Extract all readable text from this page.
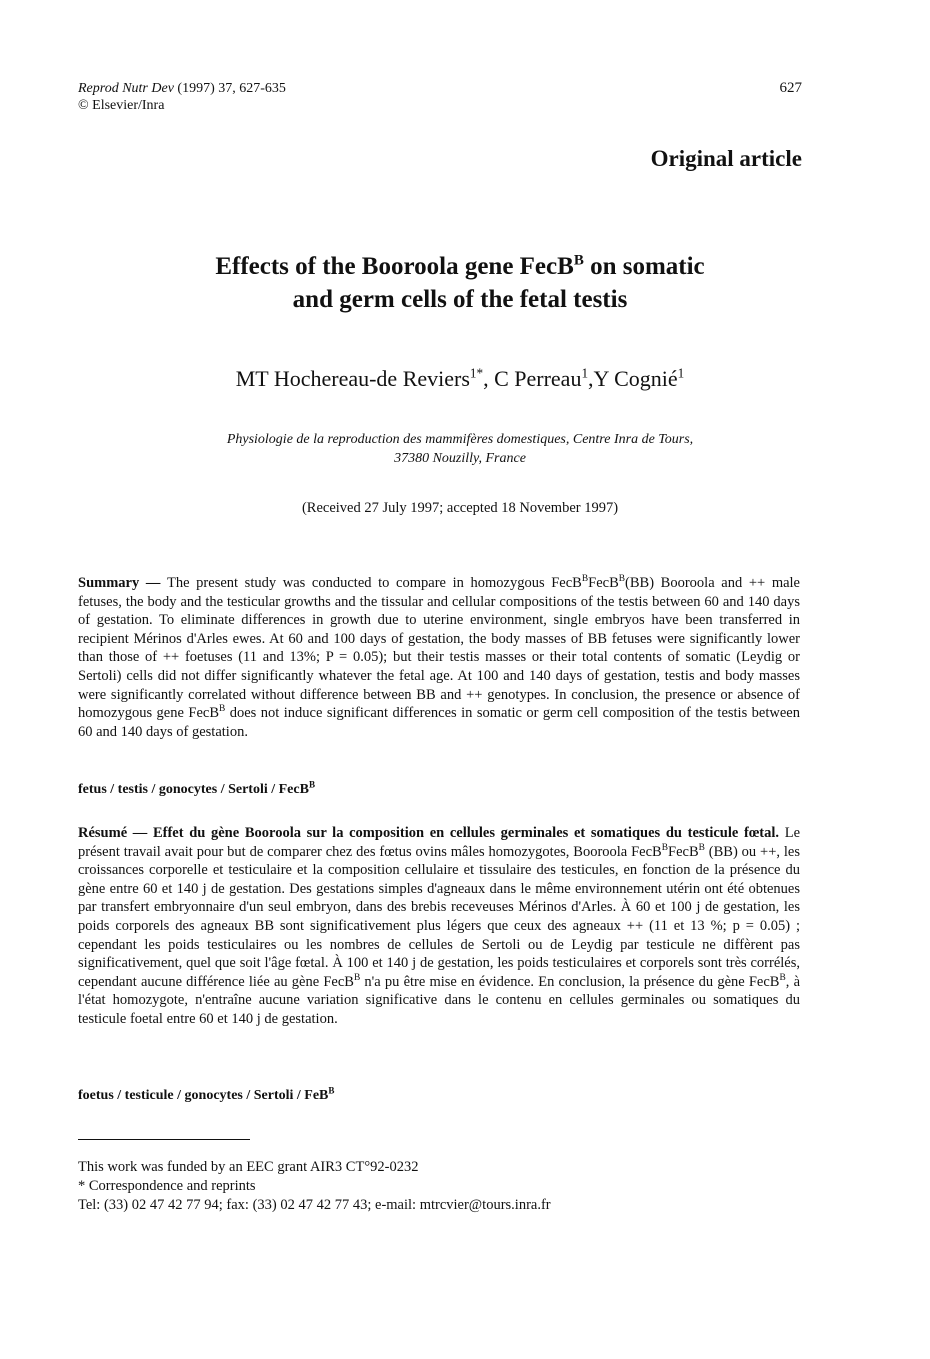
Reprod Nutr Dev (1997) 37, 627-635
© Elsevier/Inra
627
Original article
Effects of the Booroola gene FecB$^B$ on somatic
and germ cells of the fetal testis
MT Hochereau-de Reviers$^{1*}$, C Perreau$^1$,Y Cognié$^1$
Physiologie de la reproduction des mammifères domestiques, Centre Inra de Tours,
37380 Nouzilly, France
(Received 27 July 1997; accepted 18 November 1997)
Summary — The present study was conducted to compare in homozygous FecB$^B$FecB$^B$(BB) Booroola and ++ male fetuses, the body and the testicular growths and the tissular and cellular compositions of the testis between 60 and 140 days of gestation. To eliminate differences in growth due to uterine environment, single embryos have been transferred in recipient Mérinos d'Arles ewes. At 60 and 100 days of gestation, the body masses of BB fetuses were significantly lower than those of ++ foetuses (11 and 13%; P = 0.05); but their testis masses or their total contents of somatic (Leydig or Sertoli) cells did not differ significantly whatever the fetal age. At 100 and 140 days of gestation, testis and body masses were significantly correlated without difference between BB and ++ genotypes. In conclusion, the presence or absence of homozygous gene FecB$^B$ does not induce significant differences in somatic or germ cell composition of the testis between 60 and 140 days of gestation.
fetus / testis / gonocytes / Sertoli / FecB$^B$
Résumé — Effet du gène Booroola sur la composition en cellules germinales et somatiques du testicule fœtal. Le présent travail avait pour but de comparer chez des fœtus ovins mâles homozygotes, Booroola FecB$^B$FecB$^B$ (BB) ou ++, les croissances corporelle et testiculaire et la composition cellulaire et tissulaire des testicules, en fonction de la présence du gène entre 60 et 140 j de gestation. Des gestations simples d'agneaux dans le même environnement utérin ont été obtenues par transfert embryonnaire d'un seul embryon, dans des brebis receveuses Mérinos d'Arles. À 60 et 100 j de gestation, les poids corporels des agneaux BB sont significativement plus légers que ceux des agneaux ++ (11 et 13 %; p = 0.05) ; cependant les poids testiculaires ou les nombres de cellules de Sertoli ou de Leydig par testicule ne diffèrent pas significativement, quel que soit l'âge fœtal. À 100 et 140 j de gestation, les poids testiculaires et corporels sont très corrélés, cependant aucune différence liée au gène FecB$^B$ n'a pu être mise en évidence. En conclusion, la présence du gène FecB$^B$, à l'état homozygote, n'entraîne aucune variation significative dans le contenu en cellules germinales ou somatiques du testicule foetal entre 60 et 140 j de gestation.
foetus / testicule / gonocytes / Sertoli / FeB$^B$
This work was funded by an EEC grant AIR3 CT°92-0232
* Correspondence and reprints
Tel: (33) 02 47 42 77 94; fax: (33) 02 47 42 77 43; e-mail: mtrcvier@tours.inra.fr
